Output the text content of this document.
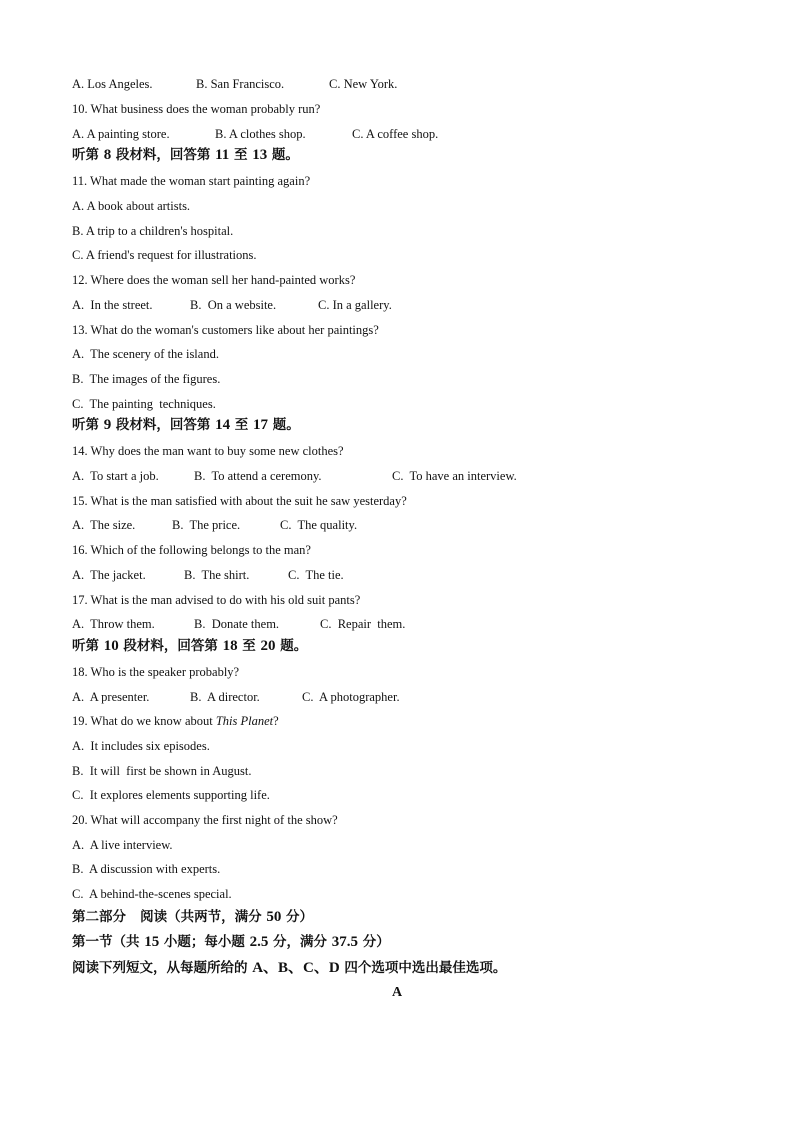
A. Los Angeles.	B. San Francisco.	C. New York.
10. What business does the woman probably run?
A. A painting store.	B. A clothes shop.	C. A coffee shop.
听第 8 段材料，回答第 11 至 13 题。
11. What made the woman start painting again?
A. A book about artists.
B. A trip to a children's hospital.
C. A friend's request for illustrations.
12. Where does the woman sell her hand-painted works?
A.  In the street.	B.  On a website.	C. In a gallery.
13. What do the woman's customers like about her paintings?
A.  The scenery of the island.
B.  The images of the figures.
C.  The painting  techniques.
听第 9 段材料，回答第 14 至 17 题。
14. Why does the man want to buy some new clothes?
A.  To start a job.	B.  To attend a ceremony.	C.  To have an interview.
15. What is the man satisfied with about the suit he saw yesterday?
A.  The size.	B.  The price.	C.  The quality.
16. Which of the following belongs to the man?
A.  The jacket.	B.  The shirt.	C.  The tie.
17. What is the man advised to do with his old suit pants?
A.  Throw them.	B.  Donate them.	C.  Repair  them.
听第 10 段材料，回答第 18 至 20 题。
18. Who is the speaker probably?
A.  A presenter.	B.  A director.	C.  A photographer.
19. What do we know about This Planet?
A.  It includes six episodes.
B.  It will  first be shown in August.
C.  It explores elements supporting life.
20. What will accompany the first night of the show?
A.  A live interview.
B.  A discussion with experts.
C.  A behind-the-scenes special.
第二部分   阅读（共两节，满分 50 分）
第一节（共 15 小题；每小题 2.5 分，满分 37.5 分）
阅读下列短文，从每题所给的 A、B、C、D 四个选项中选出最佳选项。
A
